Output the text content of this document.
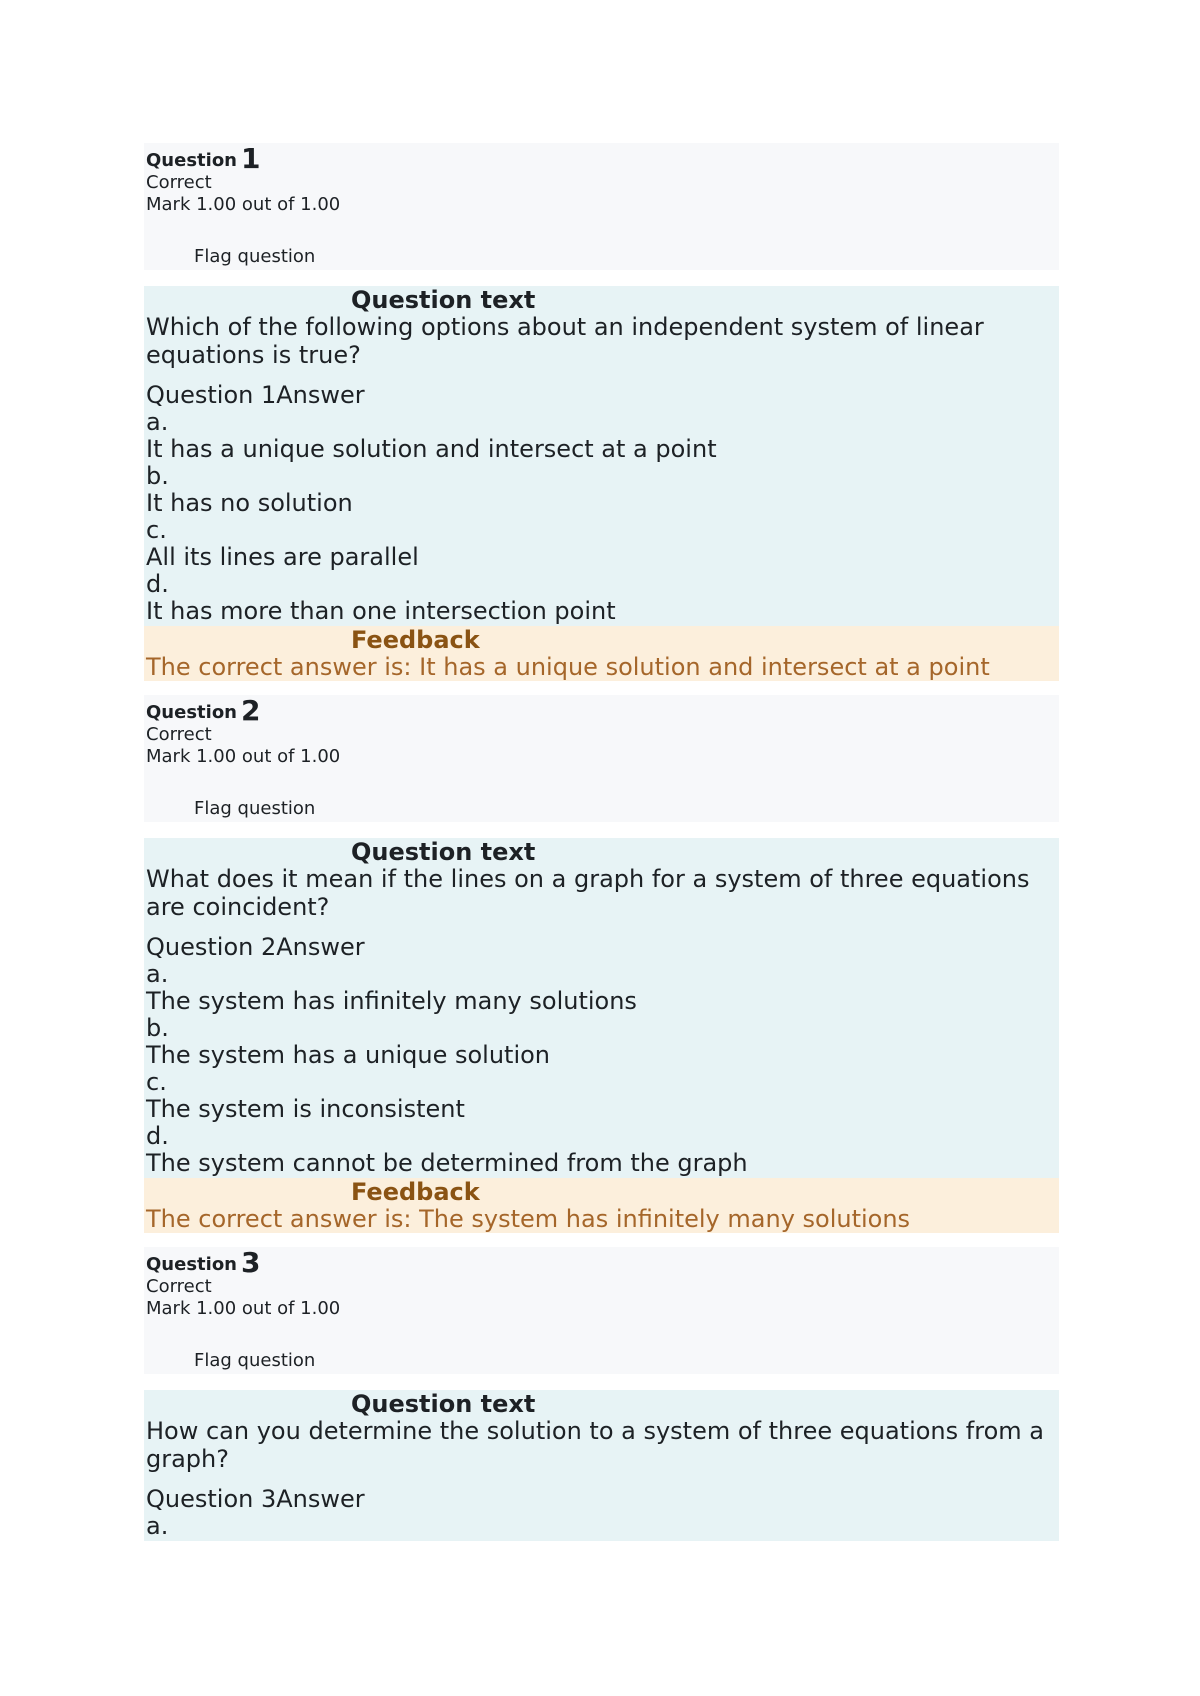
Question 1
Correct
Mark 1.00 out of 1.00
Flag question
Question text
Which of the following options about an independent system of linear equations is true?
Question 1Answer
a.
It has a unique solution and intersect at a point
b.
It has no solution
c.
All its lines are parallel
d.
It has more than one intersection point
Feedback
The correct answer is: It has a unique solution and intersect at a point
Question 2
Correct
Mark 1.00 out of 1.00
Flag question
Question text
What does it mean if the lines on a graph for a system of three equations are coincident?
Question 2Answer
a.
The system has infinitely many solutions
b.
The system has a unique solution
c.
The system is inconsistent
d.
The system cannot be determined from the graph
Feedback
The correct answer is: The system has infinitely many solutions
Question 3
Correct
Mark 1.00 out of 1.00
Flag question
Question text
How can you determine the solution to a system of three equations from a graph?
Question 3Answer
a.
